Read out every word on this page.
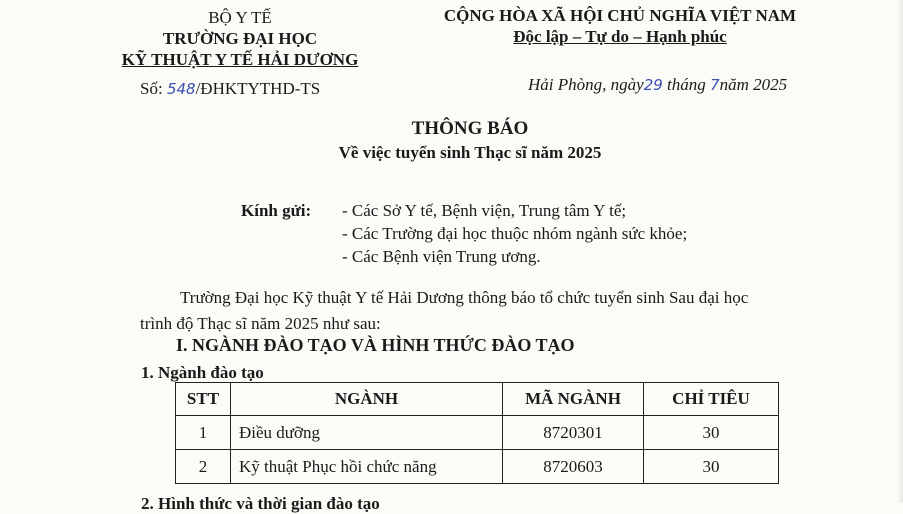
BỘ Y TẾ
TRƯỜNG ĐẠI HỌC
KỸ THUẬT Y TẾ HẢI DƯƠNG
Số: 548/ĐHKTYTHD-TS
CỘNG HÒA XÃ HỘI CHỦ NGHĨA VIỆT NAM
Độc lập – Tự do – Hạnh phúc
Hải Phòng, ngày29 tháng 7năm 2025
THÔNG BÁO
Về việc tuyển sinh Thạc sĩ năm 2025
Kính gửi: - Các Sở Y tế, Bệnh viện, Trung tâm Y tế;
- Các Trường đại học thuộc nhóm ngành sức khỏe;
- Các Bệnh viện Trung ương.
Trường Đại học Kỹ thuật Y tế Hải Dương thông báo tổ chức tuyển sinh Sau đại học
trình độ Thạc sĩ năm 2025 như sau:
I. NGÀNH ĐÀO TẠO VÀ HÌNH THỨC ĐÀO TẠO
1. Ngành đào tạo
STT	NGÀNH	MÃ NGÀNH	CHỈ TIÊU
1	Điều dưỡng	8720301	30
2	Kỹ thuật Phục hồi chức năng	8720603	30
2. Hình thức và thời gian đào tạo
